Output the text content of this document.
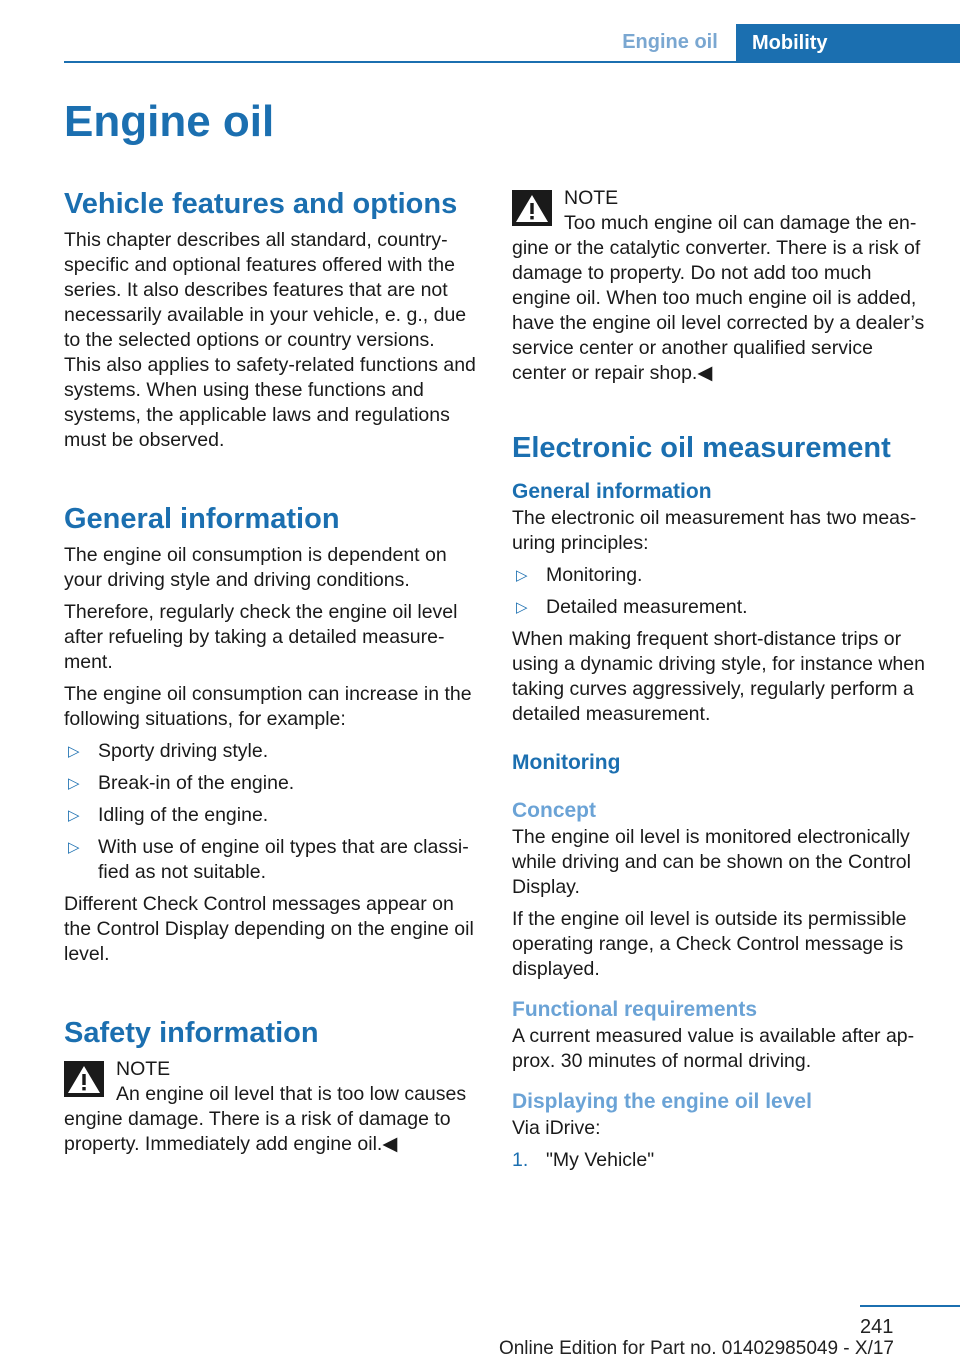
Engine oil	Mobility
Engine oil
Vehicle features and options

This chapter describes all standard, country-specific and optional features offered with the series. It also describes features that are not necessarily available in your vehicle, e. g., due to the selected options or country versions. This also applies to safety-related functions and systems. When using these functions and systems, the applicable laws and regulations must be observed.

General information

The engine oil consumption is dependent on your driving style and driving conditions.

Therefore, regularly check the engine oil level after refueling by taking a detailed measurement.

The engine oil consumption can increase in the following situations, for example:

▷ Sporty driving style.
▷ Break-in of the engine.
▷ Idling of the engine.
▷ With use of engine oil types that are classified as not suitable.

Different Check Control messages appear on the Control Display depending on the engine oil level.

Safety information
NOTE
An engine oil level that is too low causes engine damage. There is a risk of damage to property. Immediately add engine oil.◀
NOTE
Too much engine oil can damage the engine or the catalytic converter. There is a risk of damage to property. Do not add too much engine oil. When too much engine oil is added, have the engine oil level corrected by a dealer’s service center or another qualified service center or repair shop.◀
Electronic oil measurement
General information

The electronic oil measurement has two measuring principles:

▷ Monitoring.
▷ Detailed measurement.

When making frequent short-distance trips or using a dynamic driving style, for instance when taking curves aggressively, regularly perform a detailed measurement.

Monitoring
Concept

The engine oil level is monitored electronically while driving and can be shown on the Control Display.

If the engine oil level is outside its permissible operating range, a Check Control message is displayed.

Functional requirements

A current measured value is available after approx. 30 minutes of normal driving.

Displaying the engine oil level

Via iDrive:

1. "My Vehicle"
241
Online Edition for Part no. 01402985049 - X/17
